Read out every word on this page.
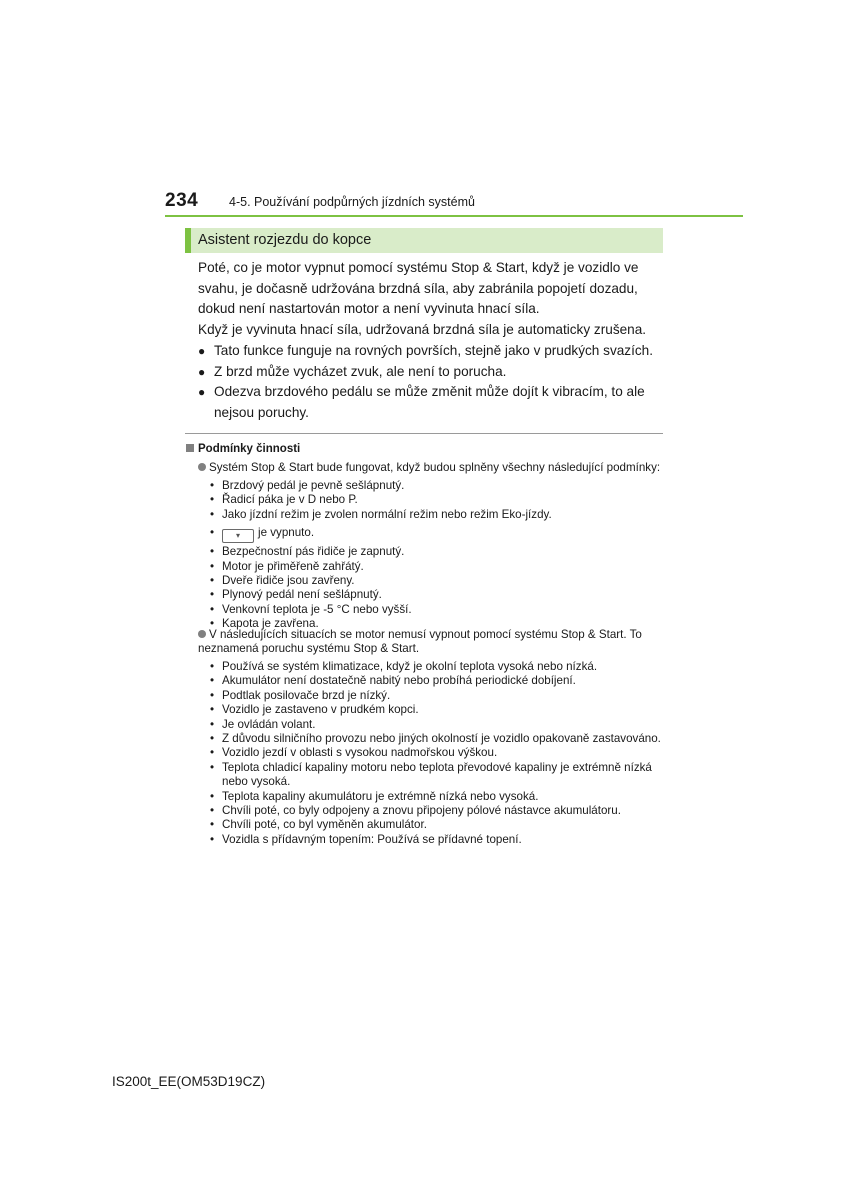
234 4-5. Používání podpůrných jízdních systémů
Asistent rozjezdu do kopce
Poté, co je motor vypnut pomocí systému Stop & Start, když je vozidlo ve svahu, je dočasně udržována brzdná síla, aby zabránila popojetí dozadu, dokud není nastartován motor a není vyvinuta hnací síla.
Když je vyvinuta hnací síla, udržovaná brzdná síla je automaticky zrušena.
● Tato funkce funguje na rovných površích, stejně jako v prudkých svazích.
● Z brzd může vycházet zvuk, ale není to porucha.
● Odezva brzdového pedálu se může změnit může dojít k vibracím, to ale nejsou poruchy.
Podmínky činnosti
Systém Stop & Start bude fungovat, když budou splněny všechny následující podmínky:
• Brzdový pedál je pevně sešlápnutý.
• Řadicí páka je v D nebo P.
• Jako jízdní režim je zvolen normální režim nebo režim Eko-jízdy.
•	▾ je vypnuto.
• Bezpečnostní pás řidiče je zapnutý.
• Motor je přiměřeně zahřátý.
• Dveře řidiče jsou zavřeny.
• Plynový pedál není sešlápnutý.
• Venkovní teplota je -5 °C nebo vyšší.
• Kapota je zavřena.
V následujících situacích se motor nemusí vypnout pomocí systému Stop & Start. To neznamená poruchu systému Stop & Start.
• Používá se systém klimatizace, když je okolní teplota vysoká nebo nízká.
• Akumulátor není dostatečně nabitý nebo probíhá periodické dobíjení.
• Podtlak posilovače brzd je nízký.
• Vozidlo je zastaveno v prudkém kopci.
• Je ovládán volant.
• Z důvodu silničního provozu nebo jiných okolností je vozidlo opakovaně zastavováno.
• Vozidlo jezdí v oblasti s vysokou nadmořskou výškou.
• Teplota chladicí kapaliny motoru nebo teplota převodové kapaliny je extrémně nízká nebo vysoká.
• Teplota kapaliny akumulátoru je extrémně nízká nebo vysoká.
• Chvíli poté, co byly odpojeny a znovu připojeny pólové nástavce akumulátoru.
• Chvíli poté, co byl vyměněn akumulátor.
• Vozidla s přídavným topením: Používá se přídavné topení.
IS200t_EE(OM53D19CZ)
